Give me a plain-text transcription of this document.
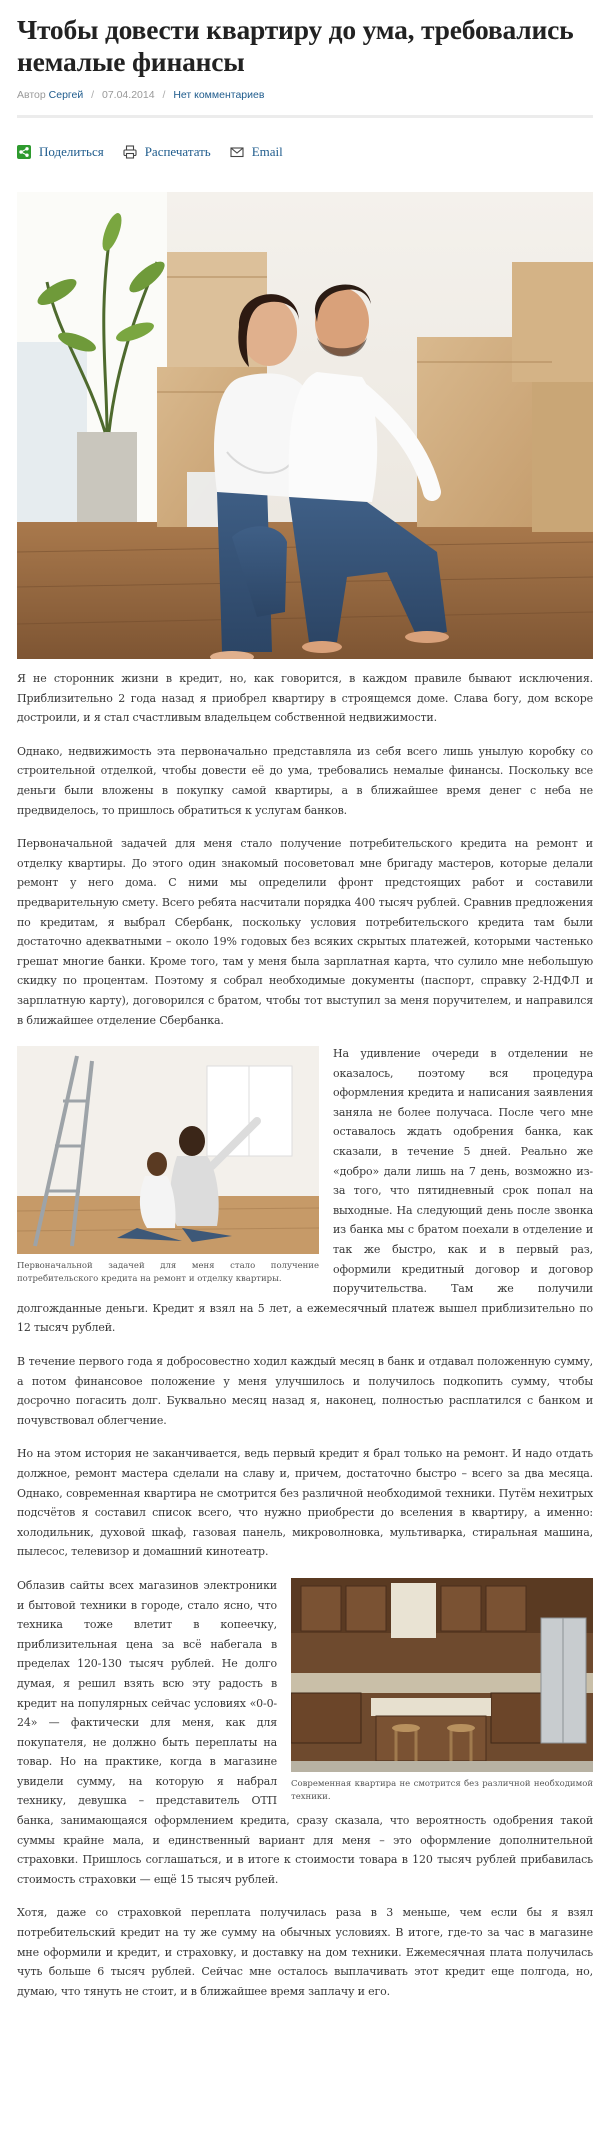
Чтобы довести квартиру до ума, требовались немалые финансы
Автор Сергей / 07.04.2014 / Нет комментариев
Поделиться	Распечатать	Email

Я не сторонник жизни в кредит, но, как говорится, в каждом правиле бывают исключения. Приблизительно 2 года назад я приобрел квартиру в строящемся доме. Слава богу, дом вскоре достроили, и я стал счастливым владельцем собственной недвижимости.

Однако, недвижимость эта первоначально представляла из себя всего лишь унылую коробку со строительной отделкой, чтобы довести её до ума, требовались немалые финансы. Поскольку все деньги были вложены в покупку самой квартиры, а в ближайшее время денег с неба не предвиделось, то пришлось обратиться к услугам банков.

Первоначальной задачей для меня стало получение потребительского кредита на ремонт и отделку квартиры. До этого один знакомый посоветовал мне бригаду мастеров, которые делали ремонт у него дома. С ними мы определили фронт предстоящих работ и составили предварительную смету. Всего ребята насчитали порядка 400 тысяч рублей. Сравнив предложения по кредитам, я выбрал Сбербанк, поскольку условия потребительского кредита там были достаточно адекватными – около 19% годовых без всяких скрытых платежей, которыми частенько грешат многие банки. Кроме того, там у меня была зарплатная карта, что сулило мне небольшую скидку по процентам. Поэтому я собрал необходимые документы (паспорт, справку 2-НДФЛ и зарплатную карту), договорился с братом, чтобы тот выступил за меня поручителем, и направился в ближайшее отделение Сбербанка.

Первоначальной задачей для меня стало получение потребительского кредита на ремонт и отделку квартиры.

На удивление очереди в отделении не оказалось, поэтому вся процедура оформления кредита и написания заявления заняла не более получаса. После чего мне оставалось ждать одобрения банка, как сказали, в течение 5 дней. Реально же «добро» дали лишь на 7 день, возможно из-за того, что пятидневный срок попал на выходные. На следующий день после звонка из банка мы с братом поехали в отделение и так же быстро, как и в первый раз, оформили кредитный договор и договор поручительства. Там же получили долгожданные деньги. Кредит я взял на 5 лет, а ежемесячный платеж вышел приблизительно по 12 тысяч рублей.

В течение первого года я добросовестно ходил каждый месяц в банк и отдавал положенную сумму, а потом финансовое положение у меня улучшилось и получилось подкопить сумму, чтобы досрочно погасить долг. Буквально месяц назад я, наконец, полностью расплатился с банком и почувствовал облегчение.

Но на этом история не заканчивается, ведь первый кредит я брал только на ремонт. И надо отдать должное, ремонт мастера сделали на славу и, причем, достаточно быстро – всего за два месяца. Однако, современная квартира не смотрится без различной необходимой техники. Путём нехитрых подсчётов я составил список всего, что нужно приобрести до вселения в квартиру, а именно: холодильник, духовой шкаф, газовая панель, микроволновка, мультиварка, стиральная машина, пылесос, телевизор и домашний кинотеатр.

Современная квартира не смотрится без различной необходимой техники.

Облазив сайты всех магазинов электроники и бытовой техники в городе, стало ясно, что техника тоже влетит в копеечку, приблизительная цена за всё набегала в пределах 120-130 тысяч рублей. Не долго думая, я решил взять всю эту радость в кредит на популярных сейчас условиях «0-0-24» — фактически для меня, как для покупателя, не должно быть переплаты на товар. Но на практике, когда в магазине увидели сумму, на которую я набрал технику, девушка – представитель ОТП банка, занимающаяся оформлением кредита, сразу сказала, что вероятность одобрения такой суммы крайне мала, и единственный вариант для меня – это оформление дополнительной страховки. Пришлось соглашаться, и в итоге к стоимости товара в 120 тысяч рублей прибавилась стоимость страховки — ещё 15 тысяч рублей.

Хотя, даже со страховкой переплата получилась раза в 3 меньше, чем если бы я взял потребительский кредит на ту же сумму на обычных условиях. В итоге, где-то за час в магазине мне оформили и кредит, и страховку, и доставку на дом техники. Ежемесячная плата получилась чуть больше 6 тысяч рублей. Сейчас мне осталось выплачивать этот кредит еще полгода, но, думаю, что тянуть не стоит, и в ближайшее время заплачу и его.
